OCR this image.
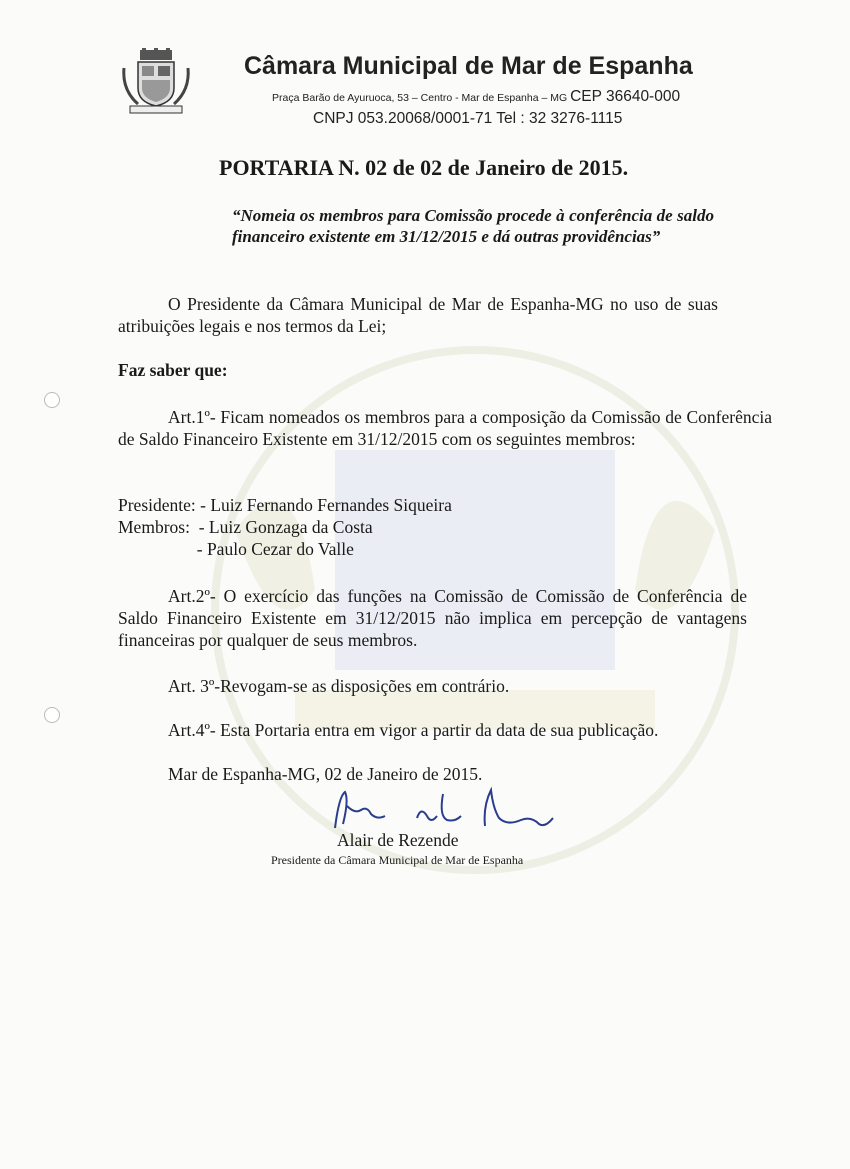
Câmara Municipal de Mar de Espanha
Praça Barão de Ayuruoca, 53 – Centro - Mar de Espanha – MG CEP 36640-000
CNPJ 053.20068/0001-71 Tel : 32 3276-1115
PORTARIA N. 02 de 02 de Janeiro de 2015.
“Nomeia os membros para Comissão procede à conferência de saldo financeiro existente em 31/12/2015 e dá outras providências”
O Presidente da Câmara Municipal de Mar de Espanha-MG no uso de suas atribuições legais e nos termos da Lei;
Faz saber que:
Art.1º- Ficam nomeados os membros para a composição da Comissão de Conferência de Saldo Financeiro Existente em 31/12/2015 com os seguintes membros:
Presidente: - Luiz Fernando Fernandes Siqueira
Membros:  - Luiz Gonzaga da Costa
- Paulo Cezar do Valle
Art.2º- O exercício das funções na Comissão de Comissão de Conferência de Saldo Financeiro Existente em 31/12/2015 não implica em percepção de vantagens financeiras por qualquer de seus membros.
Art. 3º-Revogam-se as disposições em contrário.
Art.4º- Esta Portaria entra em vigor a partir da data de sua publicação.
Mar de Espanha-MG, 02 de Janeiro de 2015.
Alair de Rezende
Presidente da Câmara Municipal de Mar de Espanha
